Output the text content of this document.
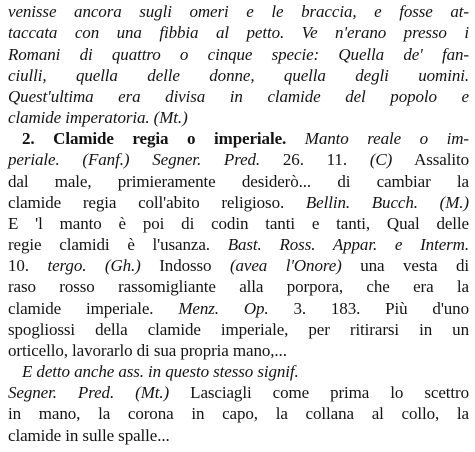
venisse ancora sugli omeri e le braccia, e fosse at-
taccata con una fibbia al petto. Ve n'erano presso i
Romani di quattro o cinque specie: Quella de' fan-
ciulli, quella delle donne, quella degli uomini.
Quest'ultima era divisa in clamide del popolo e
clamide imperatoria. (Mt.)
2. Clamide regia o imperiale. Manto reale o im-
periale. (Fanf.) Segner. Pred. 26. 11. (C) Assalito
dal male, primieramente desiderò... di cambiar la
clamide regia coll'abito religioso. Bellin. Bucch. (M.)
E 'l manto è poi di codin tanti e tanti, Qual delle
regie clamidi è l'usanza. Bast. Ross. Appar. e Interm.
10. tergo. (Gh.) Indosso (avea l'Onore) una vesta di
raso rosso rassomigliante alla porpora, che era la
clamide imperiale. Menz. Op. 3. 183. Più d'uno
spogliossi della clamide imperiale, per ritirarsi in un
orticello, lavorarlo di sua propria mano,...
E detto anche ass. in questo stesso signif.
Segner. Pred. (Mt.) Lasciagli come prima lo scettro
in mano, la corona in capo, la collana al collo, la
clamide in sulle spalle...
